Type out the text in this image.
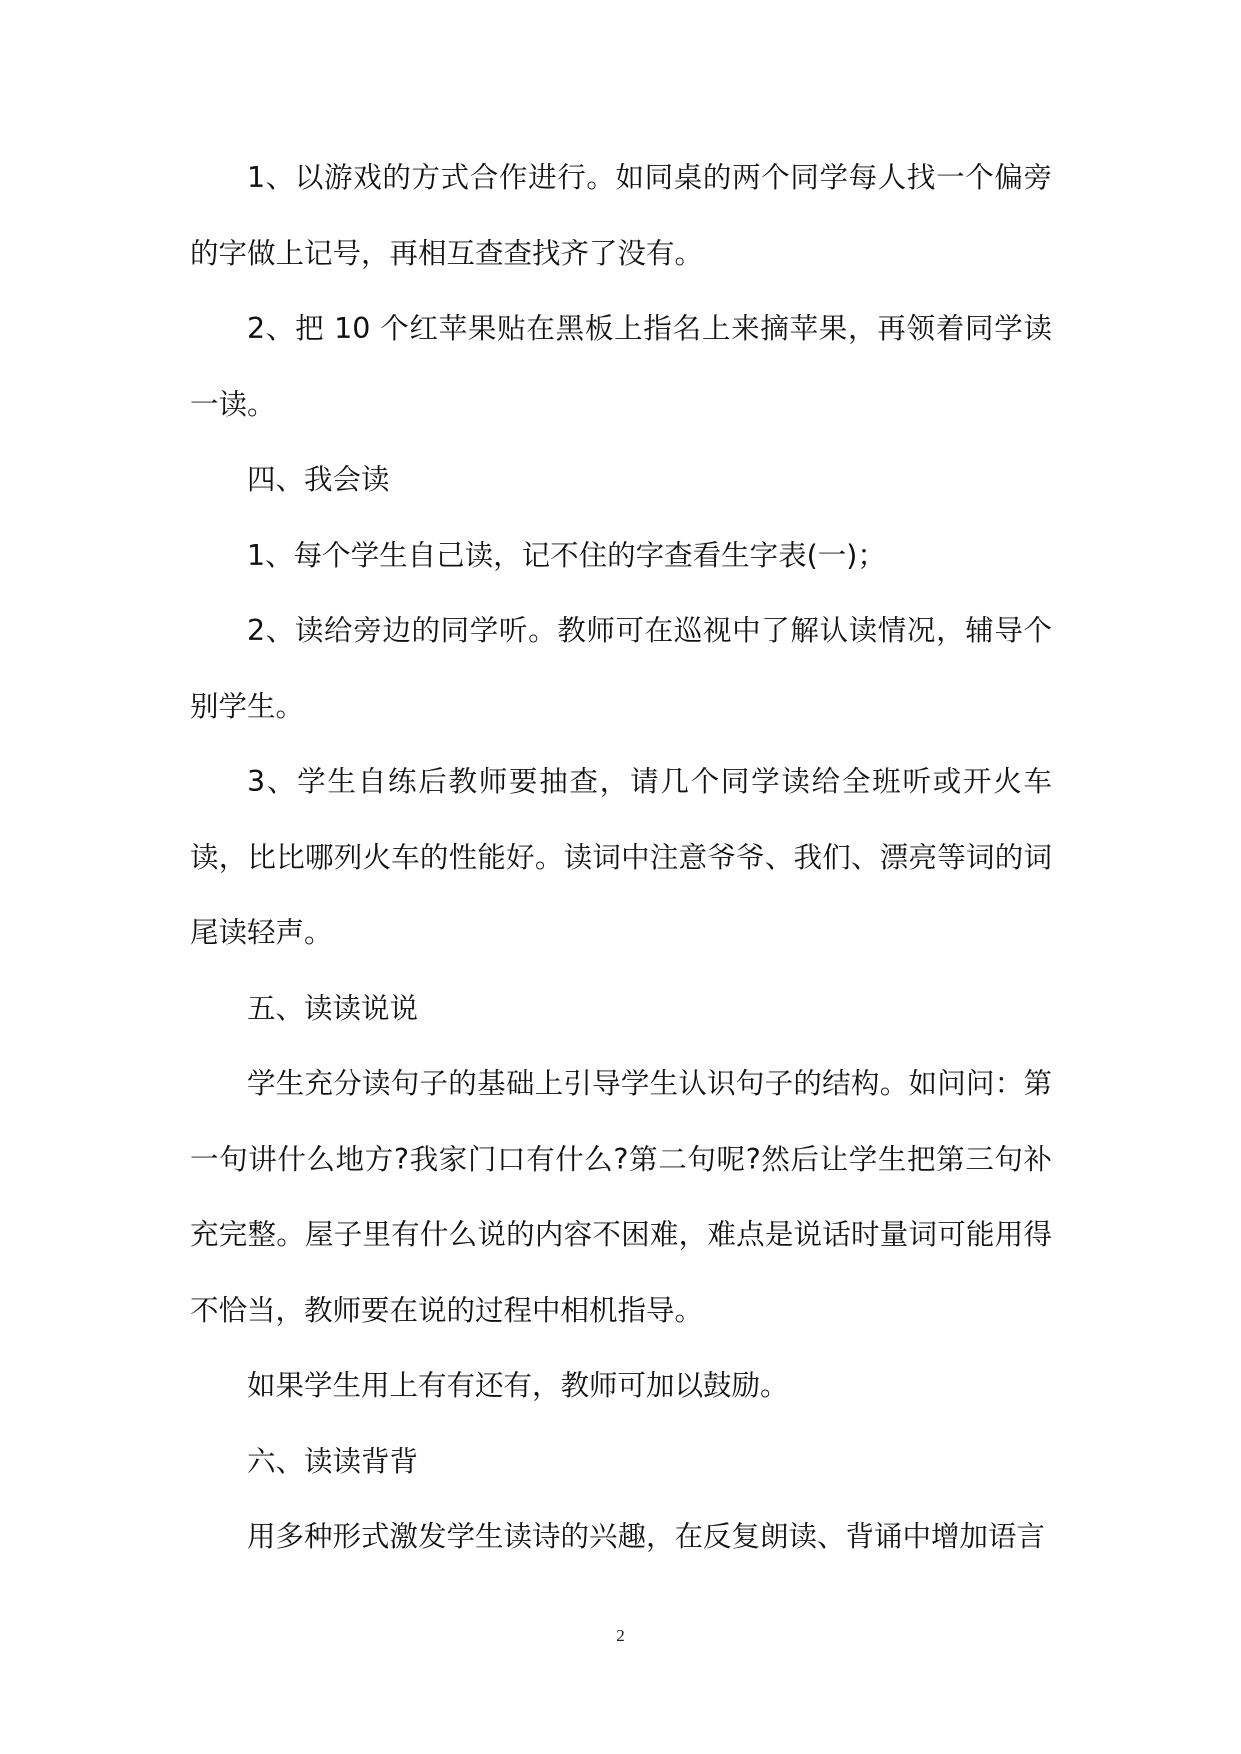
1、以游戏的方式合作进行。如同桌的两个同学每人找一个偏旁的字做上记号，再相互查查找齐了没有。

2、把 10 个红苹果贴在黑板上指名上来摘苹果，再领着同学读一读。

四、我会读

1、每个学生自己读，记不住的字查看生字表(一)；

2、读给旁边的同学听。教师可在巡视中了解认读情况，辅导个别学生。

3、学生自练后教师要抽查，请几个同学读给全班听或开火车读，比比哪列火车的性能好。读词中注意爷爷、我们、漂亮等词的词尾读轻声。

五、读读说说

学生充分读句子的基础上引导学生认识句子的结构。如问问：第一句讲什么地方?我家门口有什么?第二句呢?然后让学生把第三句补充完整。屋子里有什么说的内容不困难，难点是说话时量词可能用得不恰当，教师要在说的过程中相机指导。

如果学生用上有有还有，教师可加以鼓励。

六、读读背背

用多种形式激发学生读诗的兴趣，在反复朗读、背诵中增加语言

2
